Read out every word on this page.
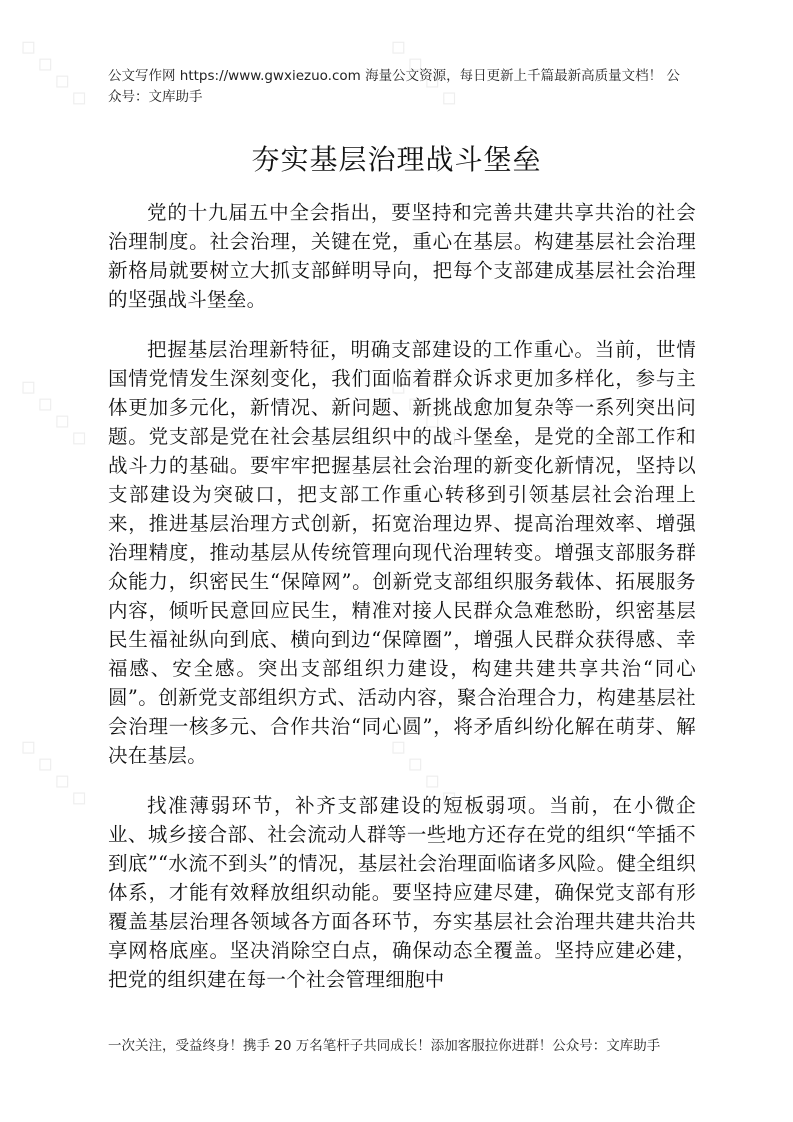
公文写作网 https://www.gwxiezuo.com 海量公文资源，每日更新上千篇最新高质量文档！ 公众号：文库助手
夯实基层治理战斗堡垒

党的十九届五中全会指出，要坚持和完善共建共享共治的社会治理制度。社会治理，关键在党，重心在基层。构建基层社会治理新格局就要树立大抓支部鲜明导向，把每个支部建成基层社会治理的坚强战斗堡垒。

把握基层治理新特征，明确支部建设的工作重心。当前，世情国情党情发生深刻变化，我们面临着群众诉求更加多样化，参与主体更加多元化，新情况、新问题、新挑战愈加复杂等一系列突出问题。党支部是党在社会基层组织中的战斗堡垒，是党的全部工作和战斗力的基础。要牢牢把握基层社会治理的新变化新情况，坚持以支部建设为突破口，把支部工作重心转移到引领基层社会治理上来，推进基层治理方式创新，拓宽治理边界、提高治理效率、增强治理精度，推动基层从传统管理向现代治理转变。增强支部服务群众能力，织密民生“保障网”。创新党支部组织服务载体、拓展服务内容，倾听民意回应民生，精准对接人民群众急难愁盼，织密基层民生福祉纵向到底、横向到边“保障圈”，增强人民群众获得感、幸福感、安全感。突出支部组织力建设，构建共建共享共治“同心圆”。创新党支部组织方式、活动内容，聚合治理合力，构建基层社会治理一核多元、合作共治“同心圆”，将矛盾纠纷化解在萌芽、解决在基层。

找准薄弱环节，补齐支部建设的短板弱项。当前，在小微企业、城乡接合部、社会流动人群等一些地方还存在党的组织“竿插不到底”“水流不到头”的情况，基层社会治理面临诸多风险。健全组织体系，才能有效释放组织动能。要坚持应建尽建，确保党支部有形覆盖基层治理各领域各方面各环节，夯实基层社会治理共建共治共享网格底座。坚决消除空白点，确保动态全覆盖。坚持应建必建，把党的组织建在每一个社会管理细胞中

一次关注，受益终身！携手 20 万名笔杆子共同成长！添加客服拉你进群！公众号：文库助手
◇ ◇ ◇ ◇	◇ ◇ ◇ ◇
◇ ◇ ◇ ◇	◇ ◇ ◇ ◇
◇ ◇ ◇ ◇	◇ ◇ ◇ ◇
